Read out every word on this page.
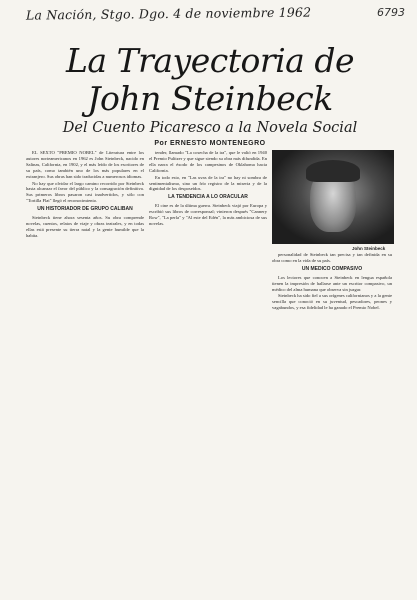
La Nación, Stgo. Dgo. 4 de noviembre 1962	6793
La Trayectoria de
John Steinbeck
Del Cuento Picaresco a la Novela Social
Por ERNESTO MONTENEGRO

EL SEXTO "PREMIO NOBEL" de Literatura entre los autores norteamericanos en 1962 es John Steinbeck, nacido en Salinas, California, en 1902, y el más leído de los escritores de su país, como también uno de los más populares en el extranjero. Sus obras han sido traducidas a numerosos idiomas.

No hay que olvidar el largo camino recorrido por Steinbeck hasta alcanzar el favor del público y la consagración definitiva. Sus primeros libros pasaron casi inadvertidos, y sólo con "Tortilla Flat" llegó el reconocimiento.

UN HISTORIADOR DE GRUPO CALIBAN

Steinbeck tiene ahora sesenta años. Su obra comprende novelas, cuentos, relatos de viaje y obras teatrales, y en todas ellas está presente su tierra natal y la gente humilde que la habita.

tender, llamado "La cosecha de la ira", que le valió en 1940 el Premio Pulitzer y que sigue siendo su obra más difundida. En ella narra el éxodo de los campesinos de Oklahoma hacia California.

En todo esto, en "Las uvas de la ira" no hay ni sombra de sentimentalismo, sino un frío registro de la miseria y de la dignidad de los desposeídos.

LA TENDENCIA A LO ORACULAR

El cine es de la última guerra. Steinbeck viajó por Europa y escribió sus libros de corresponsal; vinieron después "Cannery Row", "La perla" y "Al este del Edén", la más ambiciosa de sus novelas.

John Steinbeck

personalidad de Steinbeck tan precisa y tan definida en su obra como en la vida de su país.

UN MEDICO COMPASIVO

Los lectores que conocen a Steinbeck en lengua española tienen la impresión de hallarse ante un escritor compasivo, un médico del alma humana que observa sin juzgar.

Steinbeck ha sido fiel a sus orígenes californianos y a la gente sencilla que conoció en su juventud, pescadores, peones y vagabundos, y esa fidelidad le ha ganado el Premio Nobel.
